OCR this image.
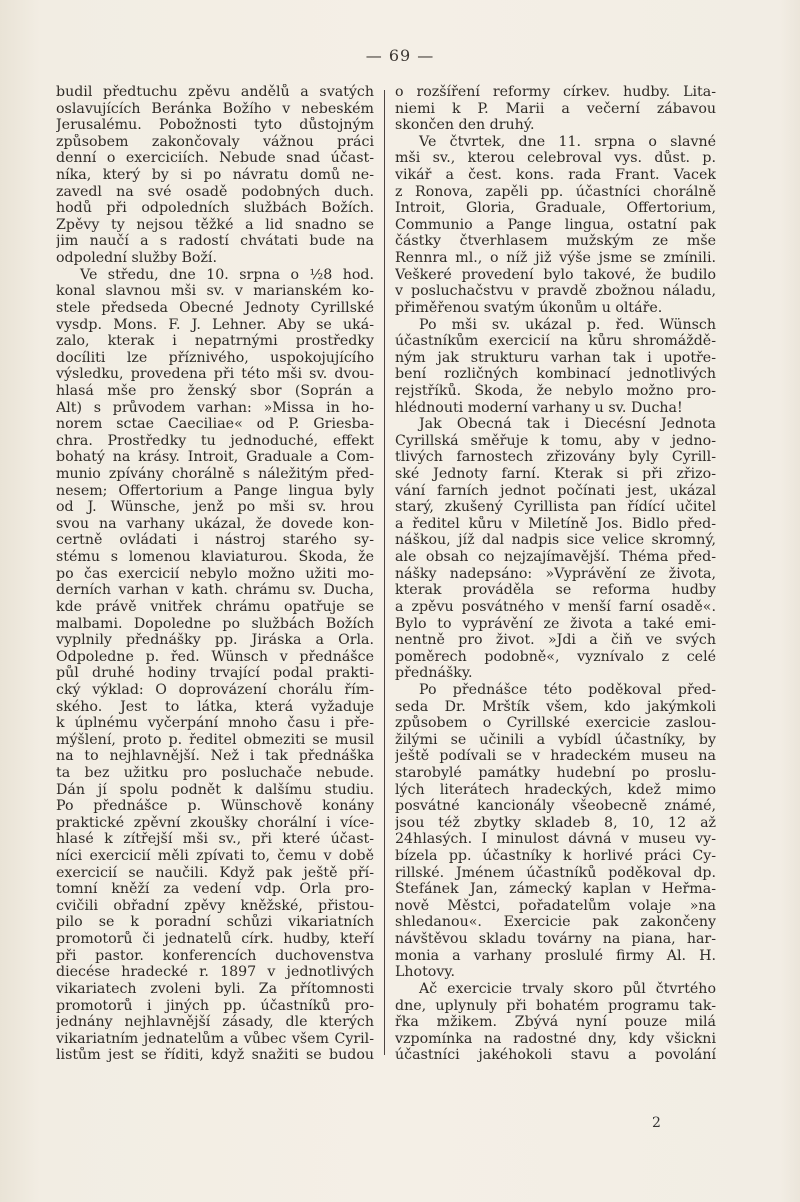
— 69 —
budil předtuchu zpěvu andělů a svatých
oslavujících Beránka Božího v nebeském
Jerusalému. Pobožnosti tyto důstojným
způsobem zakončovaly vážnou práci
denní o exerciciích. Nebude snad účast-
níka, který by si po návratu domů ne-
zavedl na své osadě podobných duch.
hodů při odpoledních službách Božích.
Zpěvy ty nejsou těžké a lid snadno se
jim naučí a s radostí chvátati bude na
odpolední služby Boží.
Ve středu, dne 10. srpna o ½8 hod.
konal slavnou mši sv. v marianském ko-
stele předseda Obecné Jednoty Cyrillské
vysdp. Mons. F. J. Lehner. Aby se uká-
zalo, kterak i nepatrnými prostředky
docíliti lze příznivého, uspokojujícího
výsledku, provedena při této mši sv. dvou-
hlasá mše pro ženský sbor (Soprán a
Alt) s průvodem varhan: »Missa in ho-
norem sctae Caeciliae« od P. Griesba-
chra. Prostředky tu jednoduché, effekt
bohatý na krásy. Introit, Graduale a Com-
munio zpívány chorálně s náležitým před-
nesem; Offertorium a Pange lingua byly
od J. Wünsche, jenž po mši sv. hrou
svou na varhany ukázal, že dovede kon-
certně ovládati i nástroj starého sy-
stému s lomenou klaviaturou. Škoda, že
po čas exercicií nebylo možno užiti mo-
derních varhan v kath. chrámu sv. Ducha,
kde právě vnitřek chrámu opatřuje se
malbami. Dopoledne po službách Božích
vyplnily přednášky pp. Jiráska a Orla.
Odpoledne p. řed. Wünsch v přednášce
půl druhé hodiny trvající podal prakti-
cký výklad: O doprovázení chorálu řím-
ského. Jest to látka, která vyžaduje
k úplnému vyčerpání mnoho času i pře-
mýšlení, proto p. ředitel obmeziti se musil
na to nejhlavnější. Než i tak přednáška
ta bez užitku pro posluchače nebude.
Dán jí spolu podnět k dalšímu studiu.
Po přednášce p. Wünschově konány
praktické zpěvní zkoušky chorální i více-
hlasé k zítřejší mši sv., při které účast-
níci exercicií měli zpívati to, čemu v době
exercicií se naučili. Když pak ještě pří-
tomní kněží za vedení vdp. Orla pro-
cvičili obřadní zpěvy kněžské, přistou-
pilo se k poradní schůzi vikariatních
promotorů či jednatelů círk. hudby, kteří
při pastor. konferencích duchovenstva
diecése hradecké r. 1897 v jednotlivých
vikariatech zvoleni byli. Za přítomnosti
promotorů i jiných pp. účastníků pro-
jednány nejhlavnější zásady, dle kterých
vikariatním jednatelům a vůbec všem Cyril-
listům jest se říditi, když snažiti se budou
o rozšíření reformy církev. hudby. Lita-
niemi k P. Marii a večerní zábavou
skončen den druhý.
Ve čtvrtek, dne 11. srpna o slavné
mši sv., kterou celebroval vys. důst. p.
vikář a čest. kons. rada Frant. Vacek
z Ronova, zapěli pp. účastníci chorálně
Introit, Gloria, Graduale, Offertorium,
Communio a Pange lingua, ostatní pak
částky čtverhlasem mužským ze mše
Rennra ml., o níž již výše jsme se zmínili.
Veškeré provedení bylo takové, že budilo
v posluchačstvu v pravdě zbožnou náladu,
přiměřenou svatým úkonům u oltáře.
Po mši sv. ukázal p. řed. Wünsch
účastníkům exercicií na kůru shromáždě-
ným jak strukturu varhan tak i upotře-
bení rozličných kombinací jednotlivých
rejstříků. Škoda, že nebylo možno pro-
hlédnouti moderní varhany u sv. Ducha!
Jak Obecná tak i Diecésní Jednota
Cyrillská směřuje k tomu, aby v jedno-
tlivých farnostech zřizovány byly Cyrill-
ské Jednoty farní. Kterak si při zřizo-
vání farních jednot počínati jest, ukázal
starý, zkušený Cyrillista pan řídící učitel
a ředitel kůru v Miletíně Jos. Bidlo před-
náškou, jíž dal nadpis sice velice skromný,
ale obsah co nejzajímavější. Théma před-
nášky nadepsáno: »Vyprávění ze života,
kterak prováděla se reforma hudby
a zpěvu posvátného v menší farní osadě«.
Bylo to vyprávění ze života a také emi-
nentně pro život. »Jdi a čiň ve svých
poměrech podobně«, vyznívalo z celé
přednášky.
Po přednášce této poděkoval před-
seda Dr. Mrštík všem, kdo jakýmkoli
způsobem o Cyrillské exercicie zaslou-
žilými se učinili a vybídl účastníky, by
ještě podívali se v hradeckém museu na
starobylé památky hudební po proslu-
lých literátech hradeckých, kdež mimo
posvátné kancionály všeobecně známé,
jsou též zbytky skladeb 8, 10, 12 až
24hlasých. I minulost dávná v museu vy-
bízela pp. účastníky k horlivé práci Cy-
rillské. Jménem účastníků poděkoval dp.
Štefánek Jan, zámecký kaplan v Heřma-
nově Městci, pořadatelům volaje »na
shledanou«. Exercicie pak zakončeny
návštěvou skladu továrny na piana, har-
monia a varhany proslulé firmy Al. H.
Lhotovy.
Ač exercicie trvaly skoro půl čtvrtého
dne, uplynuly při bohatém programu tak-
řka mžikem. Zbývá nyní pouze milá
vzpomínka na radostné dny, kdy všickni
účastníci jakéhokoli stavu a povolání
2
